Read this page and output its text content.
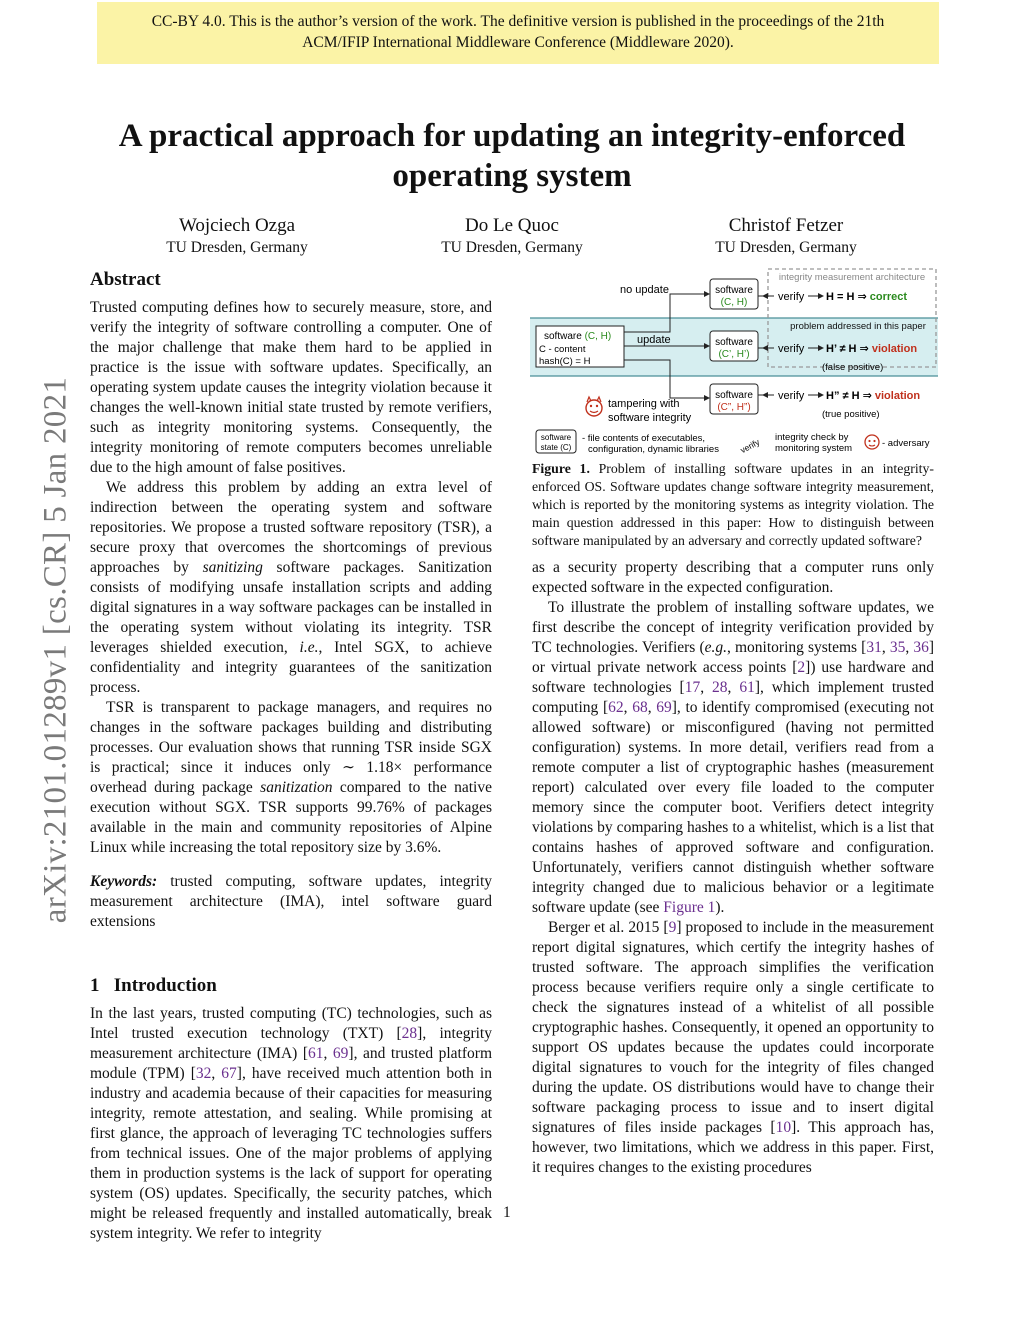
CC-BY 4.0. This is the author’s version of the work. The definitive version is published in the proceedings of the 21th
ACM/IFIP International Middleware Conference (Middleware 2020).
A practical approach for updating an integrity-enforced
operating system
Wojciech Ozga
TU Dresden, Germany
Do Le Quoc
TU Dresden, Germany
Christof Fetzer
TU Dresden, Germany
arXiv:2101.01289v1 [cs.CR] 5 Jan 2021
Abstract

Trusted computing defines how to securely measure, store, and verify the integrity of software controlling a computer. One of the major challenge that make them hard to be applied in practice is the issue with software updates. Specifically, an operating system update causes the integrity violation because it changes the well-known initial state trusted by remote verifiers, such as integrity monitoring systems. Consequently, the integrity monitoring of remote computers becomes unreliable due to the high amount of false positives.

We address this problem by adding an extra level of indirection between the operating system and software repositories. We propose a trusted software repository (TSR), a secure proxy that overcomes the shortcomings of previous approaches by sanitizing software packages. Sanitization consists of modifying unsafe installation scripts and adding digital signatures in a way software packages can be installed in the operating system without violating its integrity. TSR leverages shielded execution, i.e., Intel SGX, to achieve confidentiality and integrity guarantees of the sanitization process.

TSR is transparent to package managers, and requires no changes in the software packages building and distributing processes. Our evaluation shows that running TSR inside SGX is practical; since it induces only ∼ 1.18× performance overhead during package sanitization compared to the native execution without SGX. TSR supports 99.76% of packages available in the main and community repositories of Alpine Linux while increasing the total repository size by 3.6%.

Keywords: trusted computing, software updates, integrity measurement architecture (IMA), intel software guard extensions

1 Introduction

In the last years, trusted computing (TC) technologies, such as Intel trusted execution technology (TXT) [28], integrity measurement architecture (IMA) [61, 69], and trusted platform module (TPM) [32, 67], have received much attention both in industry and academia because of their capacities for measuring integrity, remote attestation, and sealing. While promising at first glance, the approach of leveraging TC technologies suffers from technical issues. One of the major problems of applying them in production systems is the lack of support for operating system (OS) updates. Specifically, the security patches, which might be released frequently and installed automatically, break system integrity. We refer to integrity

integrity measurement architecture
problem addressed in this paper
software (C, H)
C - content
hash(C) = H
no update
update
tampering with
software integrity
software
(C, H)
software
(C’, H’)
software
(C”, H”)
verify H = H ⇒ correct
verify H’ ≠ H ⇒ violation
(false positive)
verify H” ≠ H ⇒ violation
(true positive)
software
state (C)
- file contents of executables,
configuration, dynamic libraries verify integrity check by
monitoring system	- adversary

Figure 1. Problem of installing software updates in an integrity-enforced OS. Software updates change software integrity measurement, which is reported by the monitoring systems as integrity violation. The main question addressed in this paper: How to distinguish between software manipulated by an adversary and correctly updated software?

as a security property describing that a computer runs only expected software in the expected configuration.

To illustrate the problem of installing software updates, we first describe the concept of integrity verification provided by TC technologies. Verifiers (e.g., monitoring systems [31, 35, 36] or virtual private network access points [2]) use hardware and software technologies [17, 28, 61], which implement trusted computing [62, 68, 69], to identify compromised (executing not allowed software) or misconfigured (having not permitted configuration) systems. In more detail, verifiers read from a remote computer a list of cryptographic hashes (measurement report) calculated over every file loaded to the computer memory since the computer boot. Verifiers detect integrity violations by comparing hashes to a whitelist, which is a list that contains hashes of approved software and configuration. Unfortunately, verifiers cannot distinguish whether software integrity changed due to malicious behavior or a legitimate software update (see Figure 1).

Berger et al. 2015 [9] proposed to include in the measurement report digital signatures, which certify the integrity hashes of trusted software. The approach simplifies the verification process because verifiers require only a single certificate to check the signatures instead of a whitelist of all possible cryptographic hashes. Consequently, it opened an opportunity to support OS updates because the updates could incorporate digital signatures to vouch for the integrity of files changed during the update. OS distributions would have to change their software packaging process to issue and to insert digital signatures of files inside packages [10]. This approach has, however, two limitations, which we address in this paper. First, it requires changes to the existing procedures

1
